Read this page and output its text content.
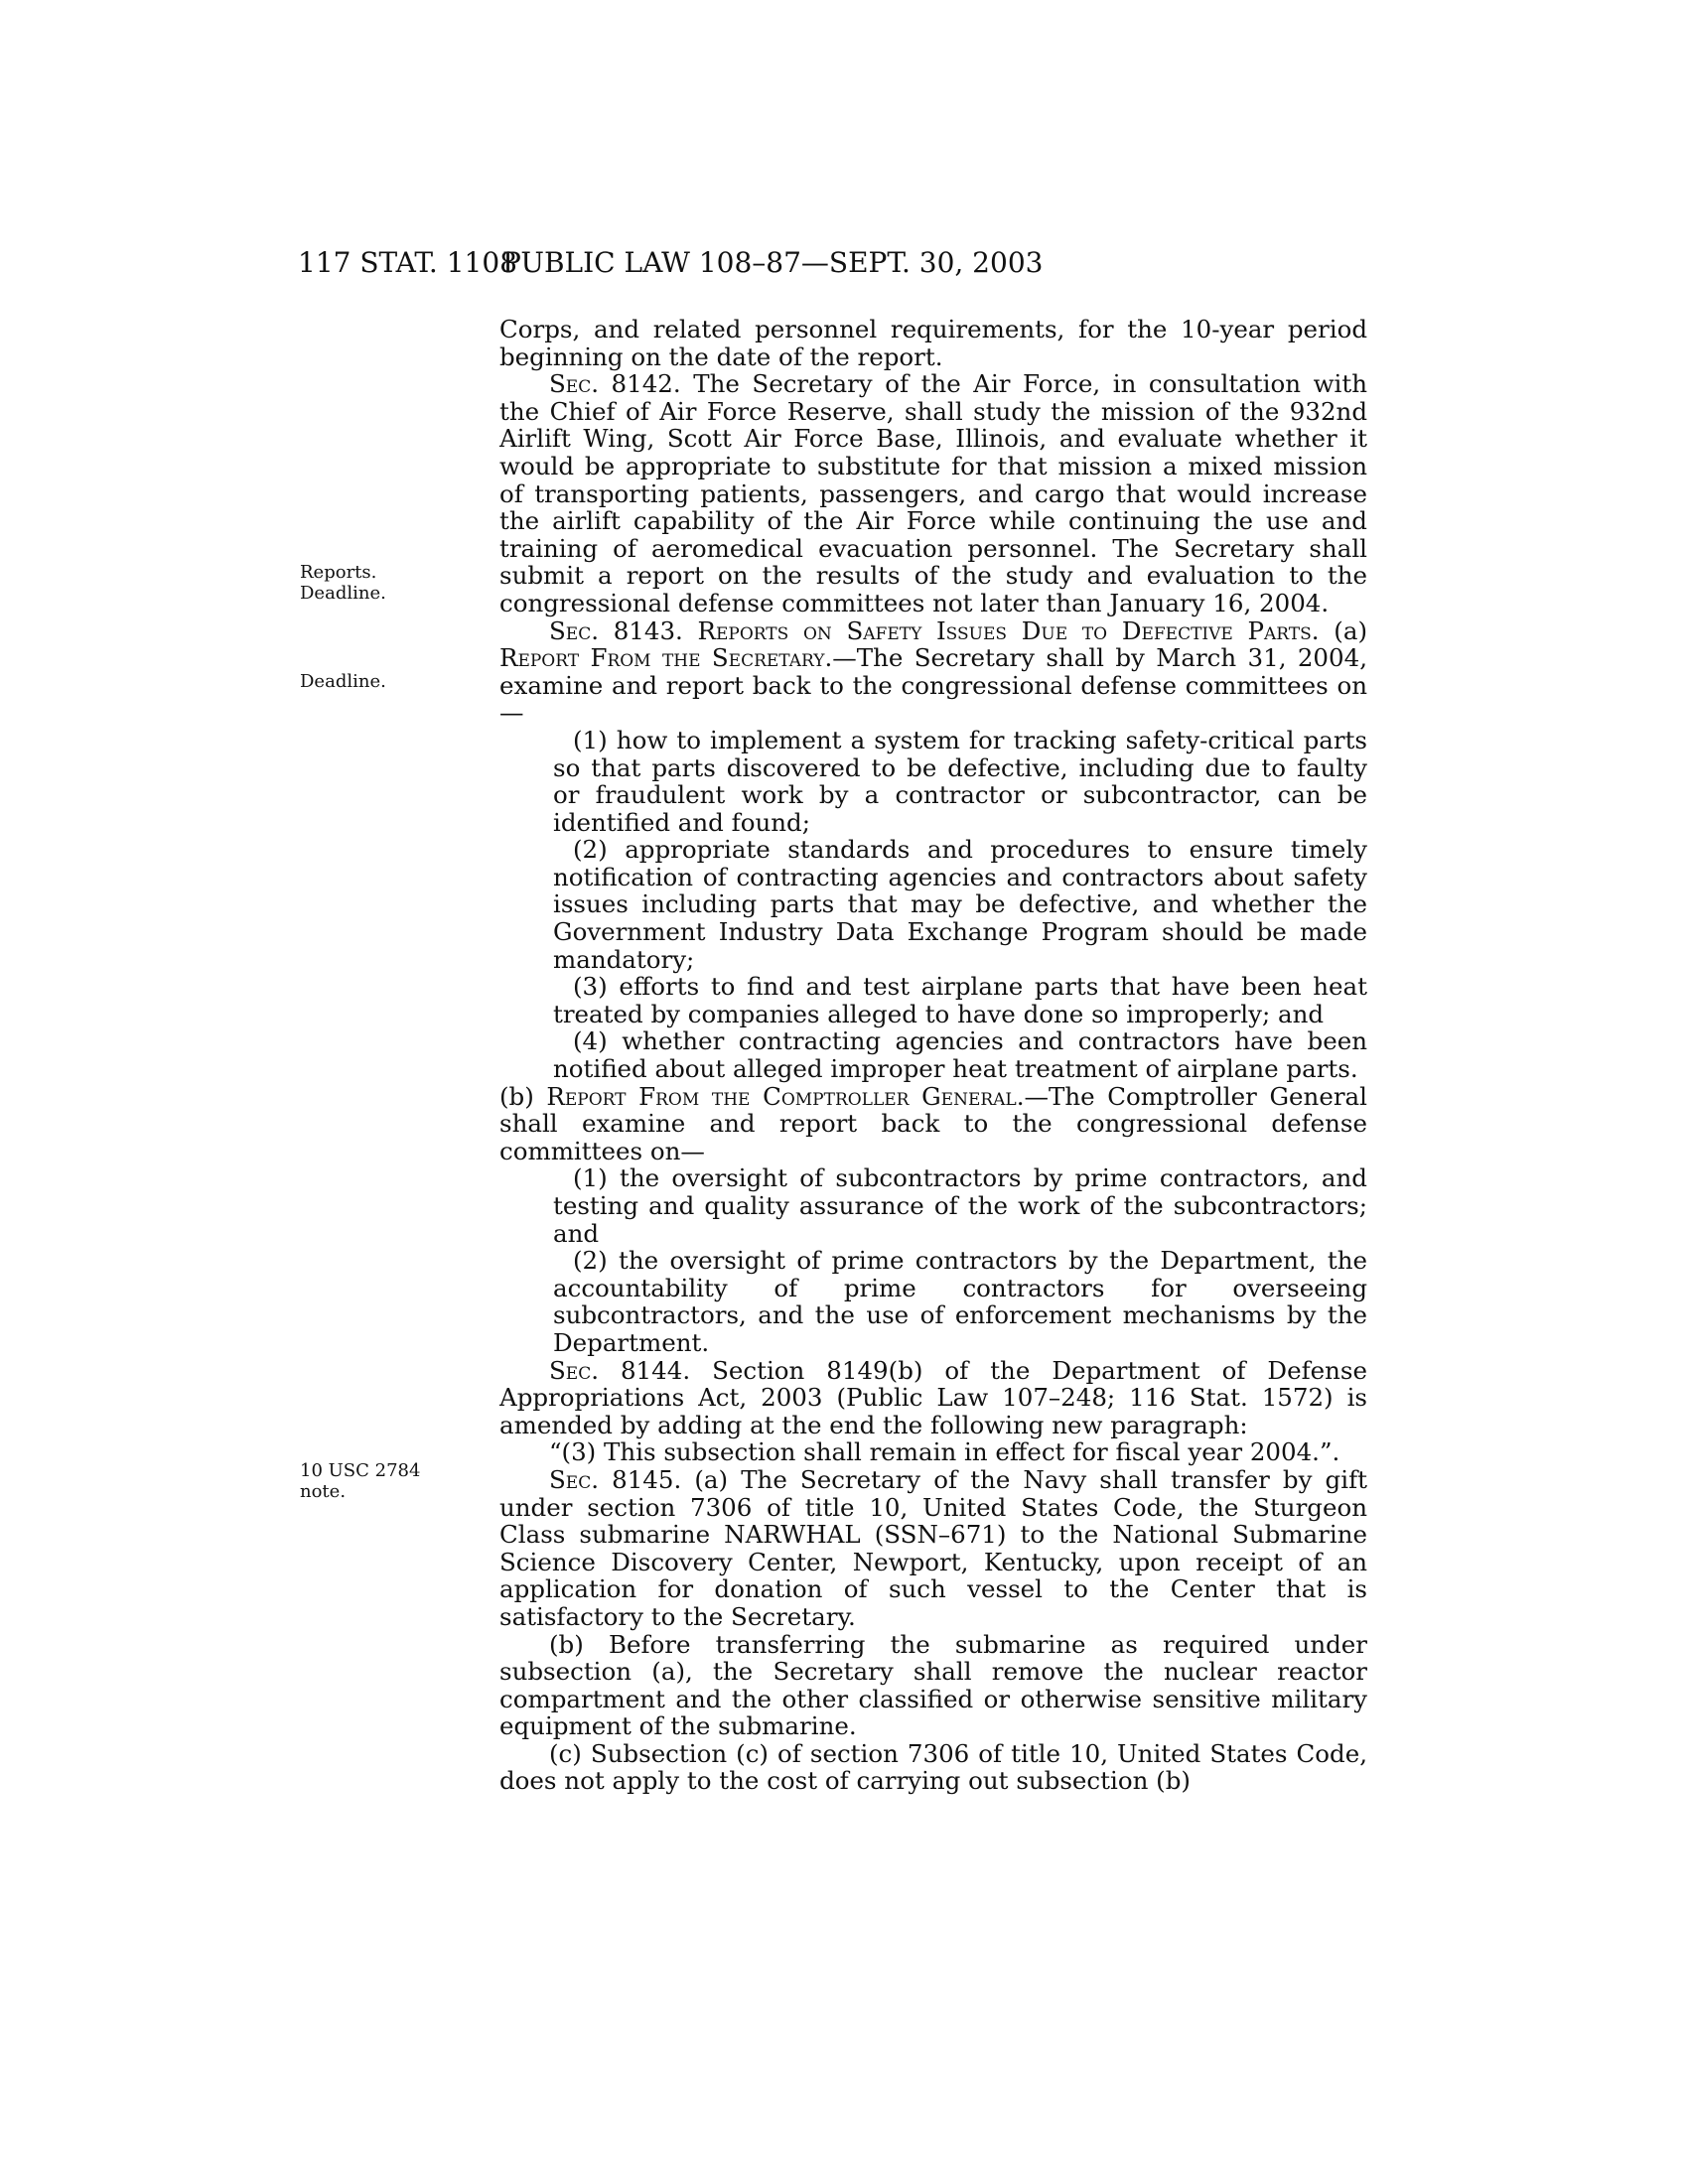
117 STAT. 1108
PUBLIC LAW 108–87—SEPT. 30, 2003
Reports.
Deadline.
Deadline.
10 USC 2784
note.

Corps, and related personnel requirements, for the 10-year period beginning on the date of the report.

Sec. 8142. The Secretary of the Air Force, in consultation with the Chief of Air Force Reserve, shall study the mission of the 932nd Airlift Wing, Scott Air Force Base, Illinois, and evaluate whether it would be appropriate to substitute for that mission a mixed mission of transporting patients, passengers, and cargo that would increase the airlift capability of the Air Force while continuing the use and training of aeromedical evacuation personnel. The Secretary shall submit a report on the results of the study and evaluation to the congressional defense committees not later than January 16, 2004.

Sec. 8143. Reports on Safety Issues Due to Defective Parts. (a) Report From the Secretary.—The Secretary shall by March 31, 2004, examine and report back to the congressional defense committees on—

(1) how to implement a system for tracking safety-critical parts so that parts discovered to be defective, including due to faulty or fraudulent work by a contractor or subcontractor, can be identified and found;

(2) appropriate standards and procedures to ensure timely notification of contracting agencies and contractors about safety issues including parts that may be defective, and whether the Government Industry Data Exchange Program should be made mandatory;

(3) efforts to find and test airplane parts that have been heat treated by companies alleged to have done so improperly; and

(4) whether contracting agencies and contractors have been notified about alleged improper heat treatment of airplane parts.

(b) Report From the Comptroller General.—The Comptroller General shall examine and report back to the congressional defense committees on—

(1) the oversight of subcontractors by prime contractors, and testing and quality assurance of the work of the subcontractors; and

(2) the oversight of prime contractors by the Department, the accountability of prime contractors for overseeing subcontractors, and the use of enforcement mechanisms by the Department.

Sec. 8144. Section 8149(b) of the Department of Defense Appropriations Act, 2003 (Public Law 107–248; 116 Stat. 1572) is amended by adding at the end the following new paragraph:

“(3) This subsection shall remain in effect for fiscal year 2004.”.

Sec. 8145. (a) The Secretary of the Navy shall transfer by gift under section 7306 of title 10, United States Code, the Sturgeon Class submarine NARWHAL (SSN–671) to the National Submarine Science Discovery Center, Newport, Kentucky, upon receipt of an application for donation of such vessel to the Center that is satisfactory to the Secretary.

(b) Before transferring the submarine as required under subsection (a), the Secretary shall remove the nuclear reactor compartment and the other classified or otherwise sensitive military equipment of the submarine.

(c) Subsection (c) of section 7306 of title 10, United States Code, does not apply to the cost of carrying out subsection (b)
